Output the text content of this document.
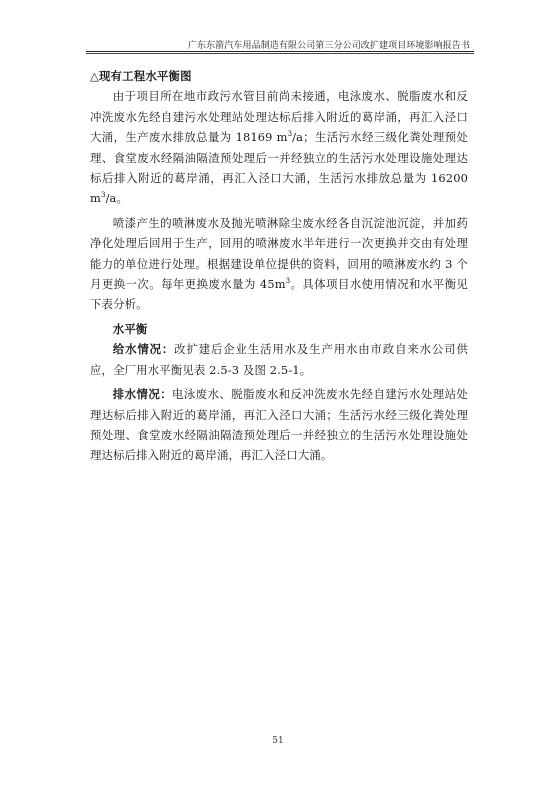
广东东箭汽车用品制造有限公司第三分公司改扩建项目环境影响报告书

△现有工程水平衡图

由于项目所在地市政污水管目前尚未接通，电泳废水、脱脂废水和反冲洗废水先经自建污水处理站处理达标后排入附近的葛岸涌，再汇入泾口大涌，生产废水排放总量为 18169 $m^3/a$；生活污水经三级化粪处理预处理、食堂废水经隔油隔渣预处理后一并经独立的生活污水处理设施处理达标后排入附近的葛岸涌，再汇入泾口大涌，生活污水排放总量为 16200 $m^3/a$。

喷漆产生的喷淋废水及抛光喷淋除尘废水经各自沉淀池沉淀，并加药净化处理后回用于生产，回用的喷淋废水半年进行一次更换并交由有处理能力的单位进行处理。根据建设单位提供的资料，回用的喷淋废水约 3 个月更换一次。每年更换废水量为 $45m^3$。具体项目水使用情况和水平衡见下表分析。

水平衡

给水情况：改扩建后企业生活用水及生产用水由市政自来水公司供应，全厂用水平衡见表 2.5-3 及图 2.5-1。

排水情况：电泳废水、脱脂废水和反冲洗废水先经自建污水处理站处理达标后排入附近的葛岸涌，再汇入泾口大涌；生活污水经三级化粪处理预处理、食堂废水经隔油隔渣预处理后一并经独立的生活污水处理设施处理达标后排入附近的葛岸涌，再汇入泾口大涌。

51
